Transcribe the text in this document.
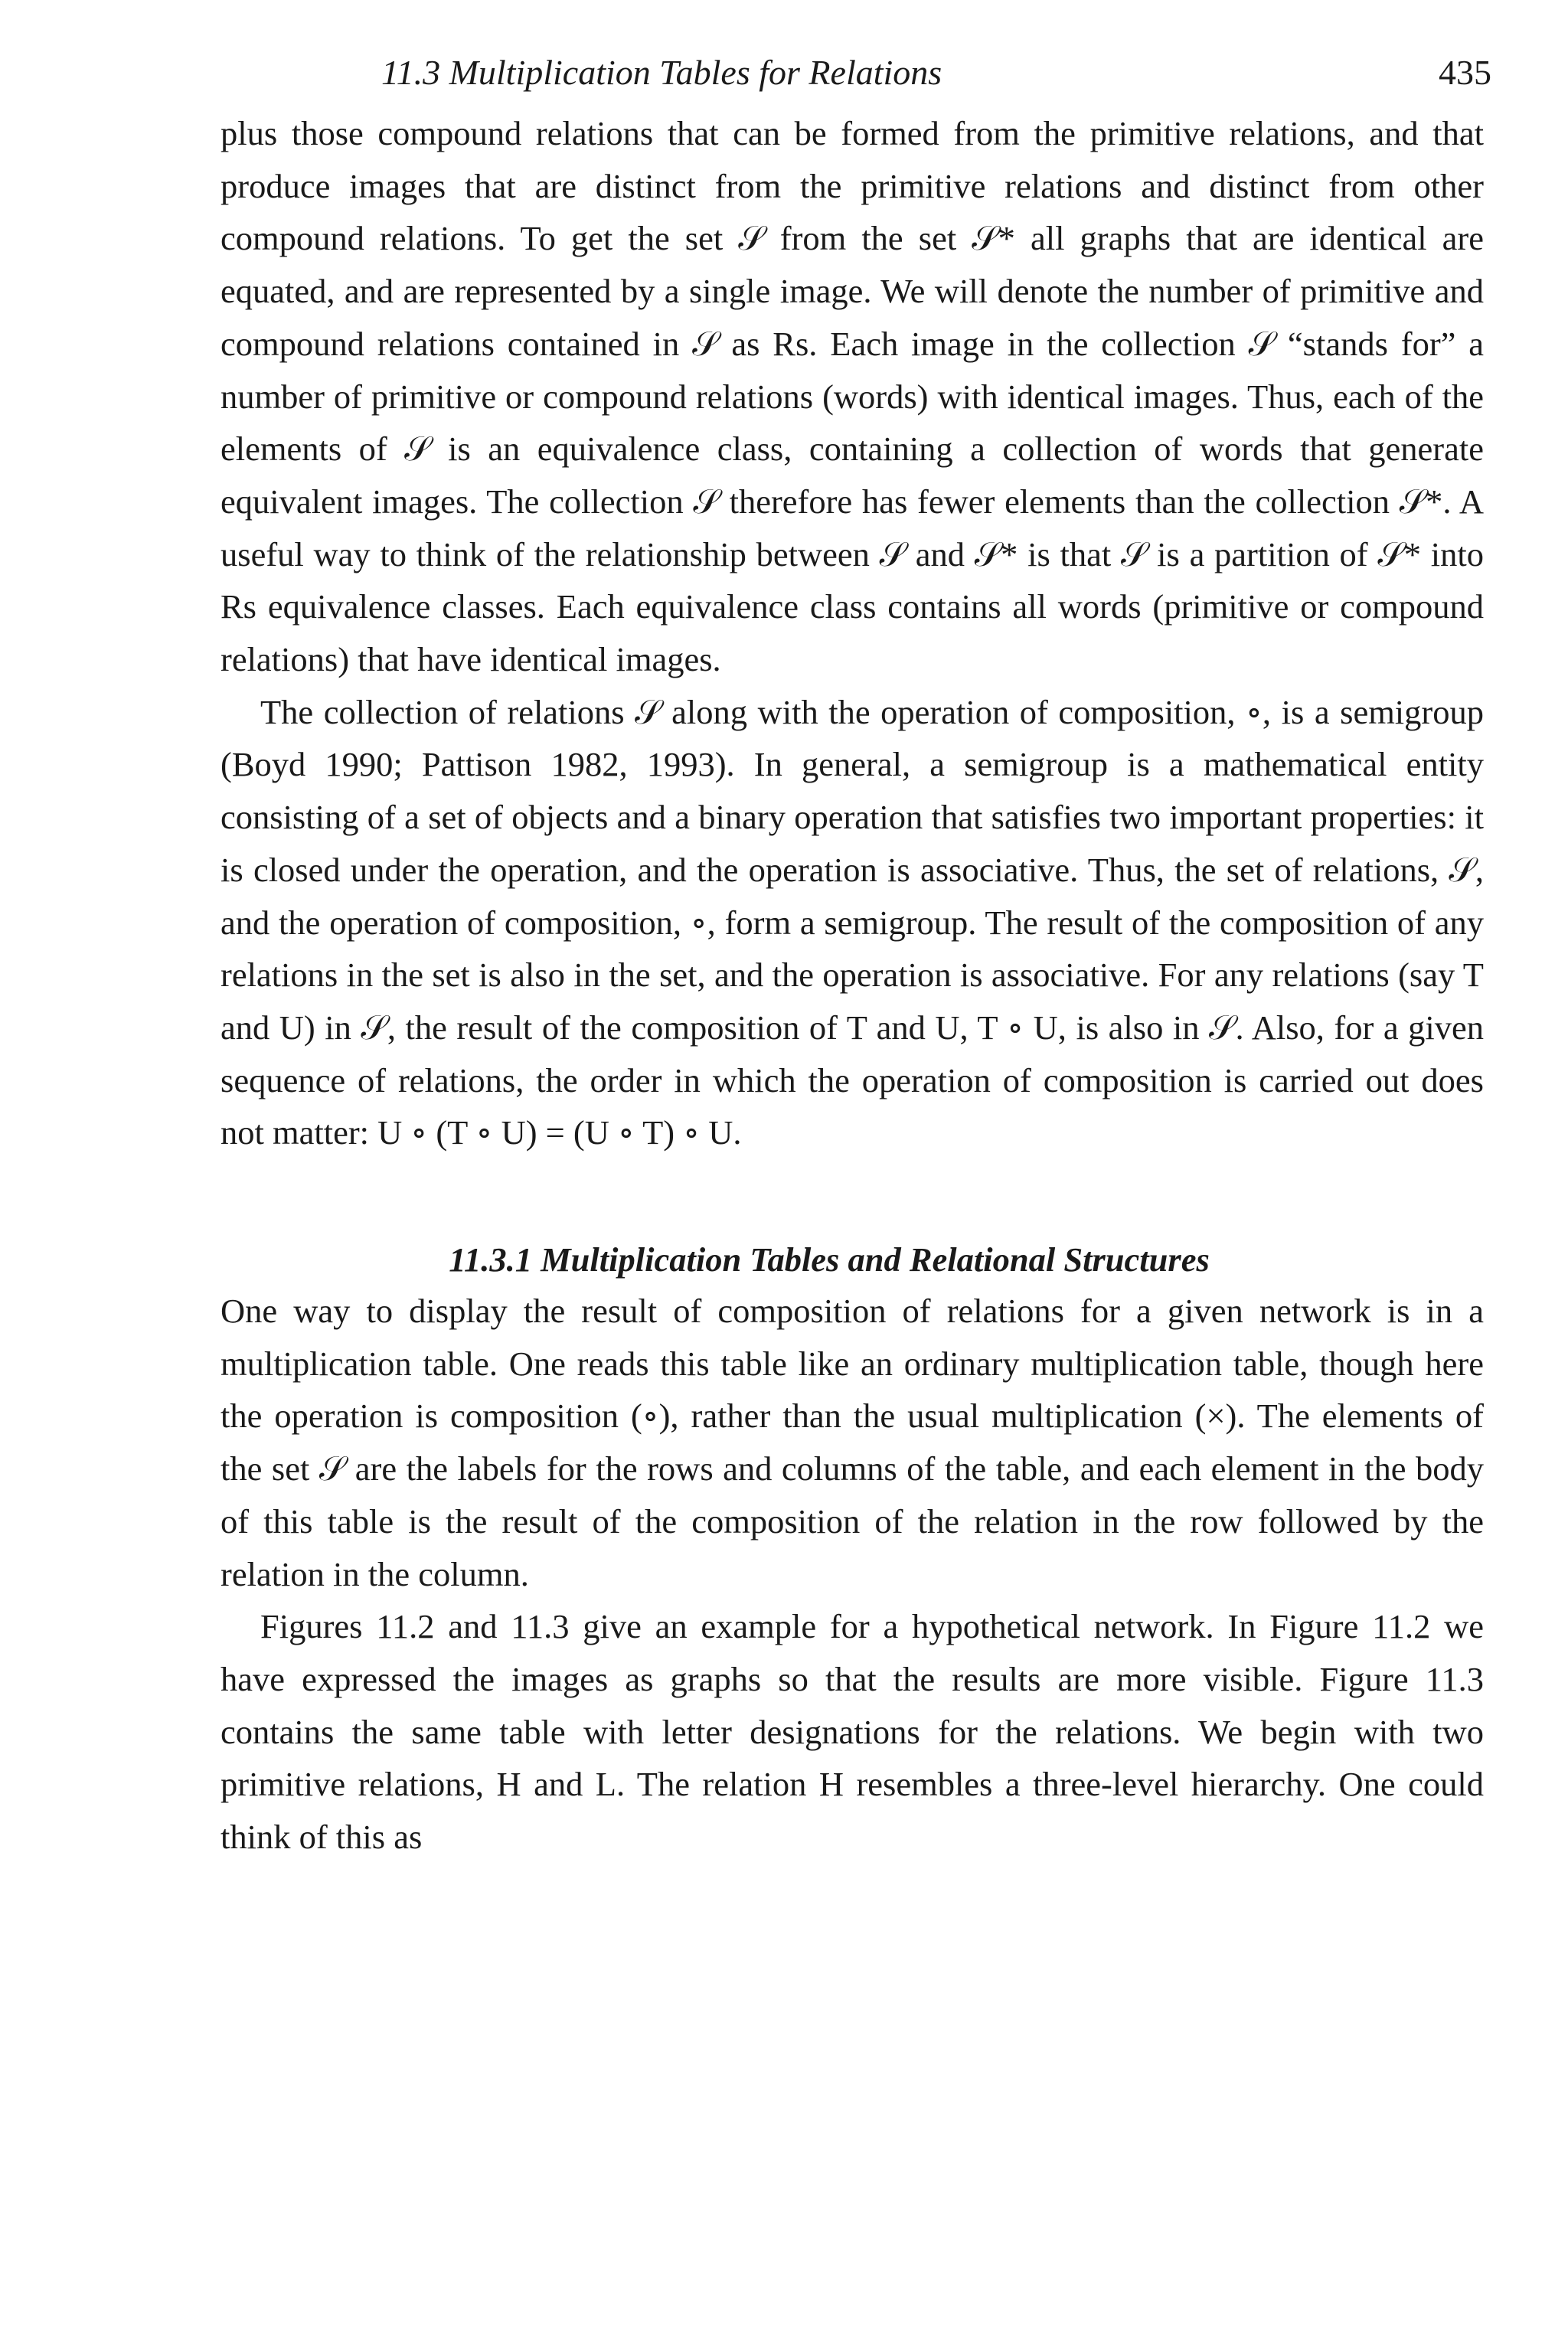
11.3 Multiplication Tables for Relations	435

plus those compound relations that can be formed from the primitive relations, and that produce images that are distinct from the primitive relations and distinct from other compound relations. To get the set 𝒮 from the set 𝒮* all graphs that are identical are equated, and are represented by a single image. We will denote the number of primitive and compound relations contained in 𝒮 as Rs. Each image in the collection 𝒮 “stands for” a number of primitive or compound relations (words) with identical images. Thus, each of the elements of 𝒮 is an equivalence class, containing a collection of words that generate equivalent images. The collection 𝒮 therefore has fewer elements than the collection 𝒮*. A useful way to think of the relationship between 𝒮 and 𝒮* is that 𝒮 is a partition of 𝒮* into Rs equivalence classes. Each equivalence class contains all words (primitive or compound relations) that have identical images.

The collection of relations 𝒮 along with the operation of composition, ∘, is a semigroup (Boyd 1990; Pattison 1982, 1993). In general, a semigroup is a mathematical entity consisting of a set of objects and a binary operation that satisfies two important properties: it is closed under the operation, and the operation is associative. Thus, the set of relations, 𝒮, and the operation of composition, ∘, form a semigroup. The result of the composition of any relations in the set is also in the set, and the operation is associative. For any relations (say T and U) in 𝒮, the result of the composition of T and U, T ∘ U, is also in 𝒮. Also, for a given sequence of relations, the order in which the operation of composition is carried out does not matter: U ∘ (T ∘ U) = (U ∘ T) ∘ U.

11.3.1 Multiplication Tables and Relational Structures

One way to display the result of composition of relations for a given network is in a multiplication table. One reads this table like an ordinary multiplication table, though here the operation is composition (∘), rather than the usual multiplication (×). The elements of the set 𝒮 are the labels for the rows and columns of the table, and each element in the body of this table is the result of the composition of the relation in the row followed by the relation in the column.

Figures 11.2 and 11.3 give an example for a hypothetical network. In Figure 11.2 we have expressed the images as graphs so that the results are more visible. Figure 11.3 contains the same table with letter designations for the relations. We begin with two primitive relations, H and L. The relation H resembles a three-level hierarchy. One could think of this as
